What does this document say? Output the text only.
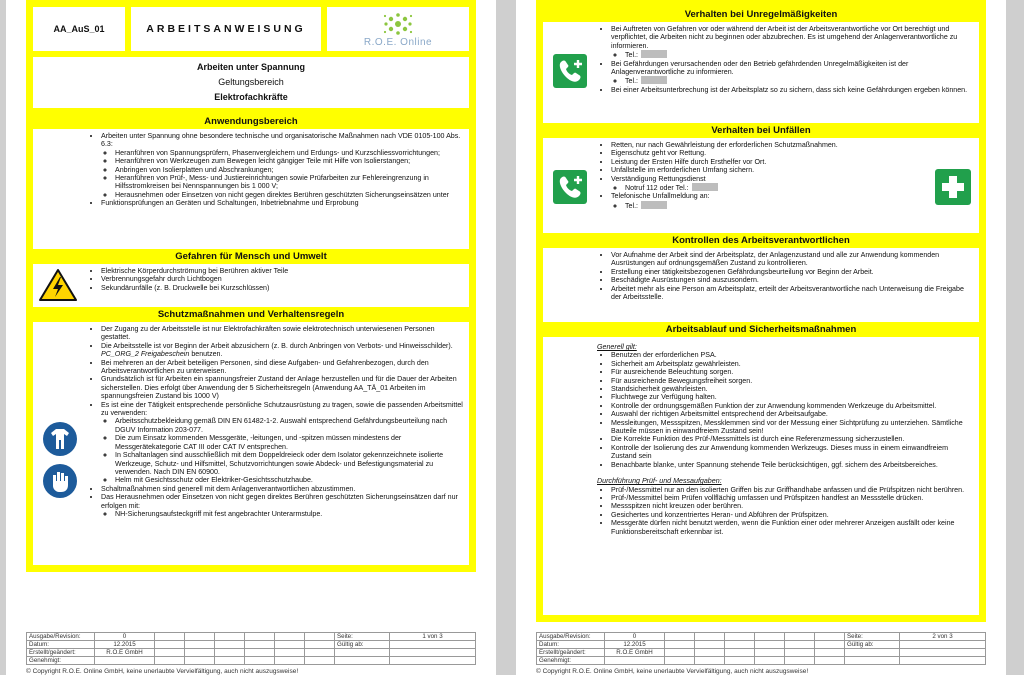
AA_AuS_01	ARBEITSANWEISUNG
R.O.E. Online
Arbeiten unter Spannung
Geltungsbereich
Elektrofachkräfte
Anwendungsbereich
• Arbeiten unter Spannung ohne besondere technische und organisatorische Maßnahmen nach VDE 0105-100 Abs. 6.3:
◦ Heranführen von Spannungsprüfern, Phasenvergleichern und Erdungs- und Kurzschliessvorrichtungen;
◦ Heranführen von Werkzeugen zum Bewegen leicht gängiger Teile mit Hilfe von Isolierstangen;
◦ Anbringen von Isolierplatten und Abschrankungen;
◦ Heranführen von Prüf-, Mess- und Justiereinrichtungen sowie Prüfarbeiten zur Fehlereingrenzung in Hilfsstromkreisen bei Nennspannungen bis 1 000 V;
◦ Herausnehmen oder Einsetzen von nicht gegen direktes Berühren geschützten Sicherungseinsätzen unter
• Funktionsprüfungen an Geräten und Schaltungen, Inbetriebnahme und Erprobung
Gefahren für Mensch und Umwelt
• Elektrische Körperdurchströmung bei Berühren aktiver Teile
• Verbrennungsgefahr durch Lichtbogen
• Sekundärunfälle (z. B. Druckwelle bei Kurzschlüssen)
Schutzmaßnahmen und Verhaltensregeln
• Der Zugang zu der Arbeitsstelle ist nur Elektrofachkräften sowie elektrotechnisch unterwiesenen Personen gestattet.
• Die Arbeitsstelle ist vor Beginn der Arbeit abzusichern (z. B. durch Anbringen von Verbots- und Hinweisschilder). PC_ORG_2 Freigabeschein benutzen.
• Bei mehreren an der Arbeit beteiligen Personen, sind diese Aufgaben- und Gefahrenbezogen, durch den Arbeitsverantwortlichen zu unterweisen.
• Grundsätzlich ist für Arbeiten ein spannungsfreier Zustand der Anlage herzustellen und für die Dauer der Arbeiten sicherstellen. Dies erfolgt über Anwendung der 5 Sicherheitsregeln (Anwendung AA_TÄ_01 Arbeiten im spannungsfreien Zustand bis 1000 V)
• Es ist eine der Tätigkeit entsprechende persönliche Schutzausrüstung zu tragen, sowie die passenden Arbeitsmittel zu verwenden:
◦ Arbeitsschutzbekleidung gemäß DIN EN 61482-1-2. Auswahl entsprechend Gefährdungsbeurteilung nach DGUV Information 203-077.
◦ Die zum Einsatz kommenden Messgeräte, -leitungen, und -spitzen müssen mindestens der Messgerätekategorie CAT III oder CAT IV entsprechen.
◦ In Schaltanlagen sind ausschließlich mit dem Doppeldreieck oder dem Isolator gekennzeichnete isolierte Werkzeuge, Schutz- und Hilfsmittel, Schutzvorrichtungen sowie Abdeck- und Befestigungsmaterial zu verwenden. Nach DIN EN 60900.
◦ Helm mit Gesichtsschutz oder Elektriker-Gesichtsschutzhaube.
• Schaltmaßnahmen sind generell mit dem Anlagenverantwortlichen abzustimmen.
• Das Herausnehmen oder Einsetzen von nicht gegen direktes Berühren geschützten Sicherungseinsätzen darf nur erfolgen mit:
◦ NH-Sicherungsaufsteckgriff mit fest angebrachter Unterarmstulpe.
Ausgabe/Revision:	0							Seite:	1 von 3
Datum:	12.2015							Gültig ab:	
Erstellt/geändert:	R.O.E GmbH								
Genehmigt:									
© Copyright R.O.E. Online GmbH, keine unerlaubte Vervielfältigung, auch nicht auszugsweise!
Verhalten bei Unregelmäßigkeiten
• Bei Auftreten von Gefahren vor oder während der Arbeit ist der Arbeitsverantwortliche vor Ort berechtigt und verpflichtet, die Arbeiten nicht zu beginnen oder abzubrechen. Es ist umgehend der Anlagenverantwortliche zu informieren.
◦ Tel.:
• Bei Gefährdungen verursachenden oder den Betrieb gefährdenden Unregelmäßigkeiten ist der Anlagenverantwortliche zu informieren.
◦ Tel.:
• Bei einer Arbeitsunterbrechung ist der Arbeitsplatz so zu sichern, dass sich keine Gefährdungen ergeben können.
Verhalten bei Unfällen
• Retten, nur nach Gewährleistung der erforderlichen Schutzmaßnahmen.
• Eigenschutz geht vor Rettung.
• Leistung der Ersten Hilfe durch Ersthelfer vor Ort.
• Unfallstelle im erforderlichen Umfang sichern.
• Verständigung Rettungsdienst
◦ Notruf 112 oder Tel.:
• Telefonische Unfallmeldung an:
◦ Tel.:
Kontrollen des Arbeitsverantwortlichen
• Vor Aufnahme der Arbeit sind der Arbeitsplatz, der Anlagenzustand und alle zur Anwendung kommenden Ausrüstungen auf ordnungsgemäßen Zustand zu kontrollieren.
• Erstellung einer tätigkeitsbezogenen Gefährdungsbeurteilung vor Beginn der Arbeit.
• Beschädigte Ausrüstungen sind auszusondern.
• Arbeitet mehr als eine Person am Arbeitsplatz, erteilt der Arbeitsverantwortliche nach Unterweisung die Freigabe der Arbeitsstelle.
Arbeitsablauf und Sicherheitsmaßnahmen
Generell gilt:
• Benutzen der erforderlichen PSA.
• Sicherheit am Arbeitsplatz gewährleisten.
• Für ausreichende Beleuchtung sorgen.
• Für ausreichende Bewegungsfreiheit sorgen.
• Standsicherheit gewährleisten.
• Fluchtwege zur Verfügung halten.
• Kontrolle der ordnungsgemäßen Funktion der zur Anwendung kommenden Werkzeuge du Arbeitsmittel.
• Auswahl der richtigen Arbeitsmittel entsprechend der Arbeitsaufgabe.
• Messleitungen, Messspitzen, Messklemmen sind vor der Messung einer Sichtprüfung zu unterziehen. Sämtliche Bauteile müssen in einwandfreiem Zustand sein!
• Die Korrekte Funktion des Prüf-/Messmittels ist durch eine Referenzmessung sicherzustellen.
• Kontrolle der Isolierung des zur Anwendung kommenden Werkzeugs. Dieses muss in einem einwandfreiem Zustand sein
• Benachbarte blanke, unter Spannung stehende Teile berücksichtigen, ggf. sichern des Arbeitsbereiches.
Durchführung Prüf- und Messaufgaben:
• Prüf-/Messmittel nur an den isolierten Griffen bis zur Griffhandhabe anfassen und die Prüfspitzen nicht berühren.
• Prüf-/Messmittel beim Prüfen vollflächig umfassen und Prüfspitzen handfest an Messstelle drücken.
• Messspitzen nicht kreuzen oder berühren.
• Gesichertes und konzentriertes Heran- und Abführen der Prüfspitzen.
• Messgeräte dürfen nicht benutzt werden, wenn die Funktion einer oder mehrerer Anzeigen ausfällt oder keine Funktionsbereitschaft erkennbar ist.
Ausgabe/Revision:	0							Seite:	2 von 3
Datum:	12.2015							Gültig ab:	
Erstellt/geändert:	R.O.E GmbH								
Genehmigt:									
© Copyright R.O.E. Online GmbH, keine unerlaubte Vervielfältigung, auch nicht auszugsweise!
